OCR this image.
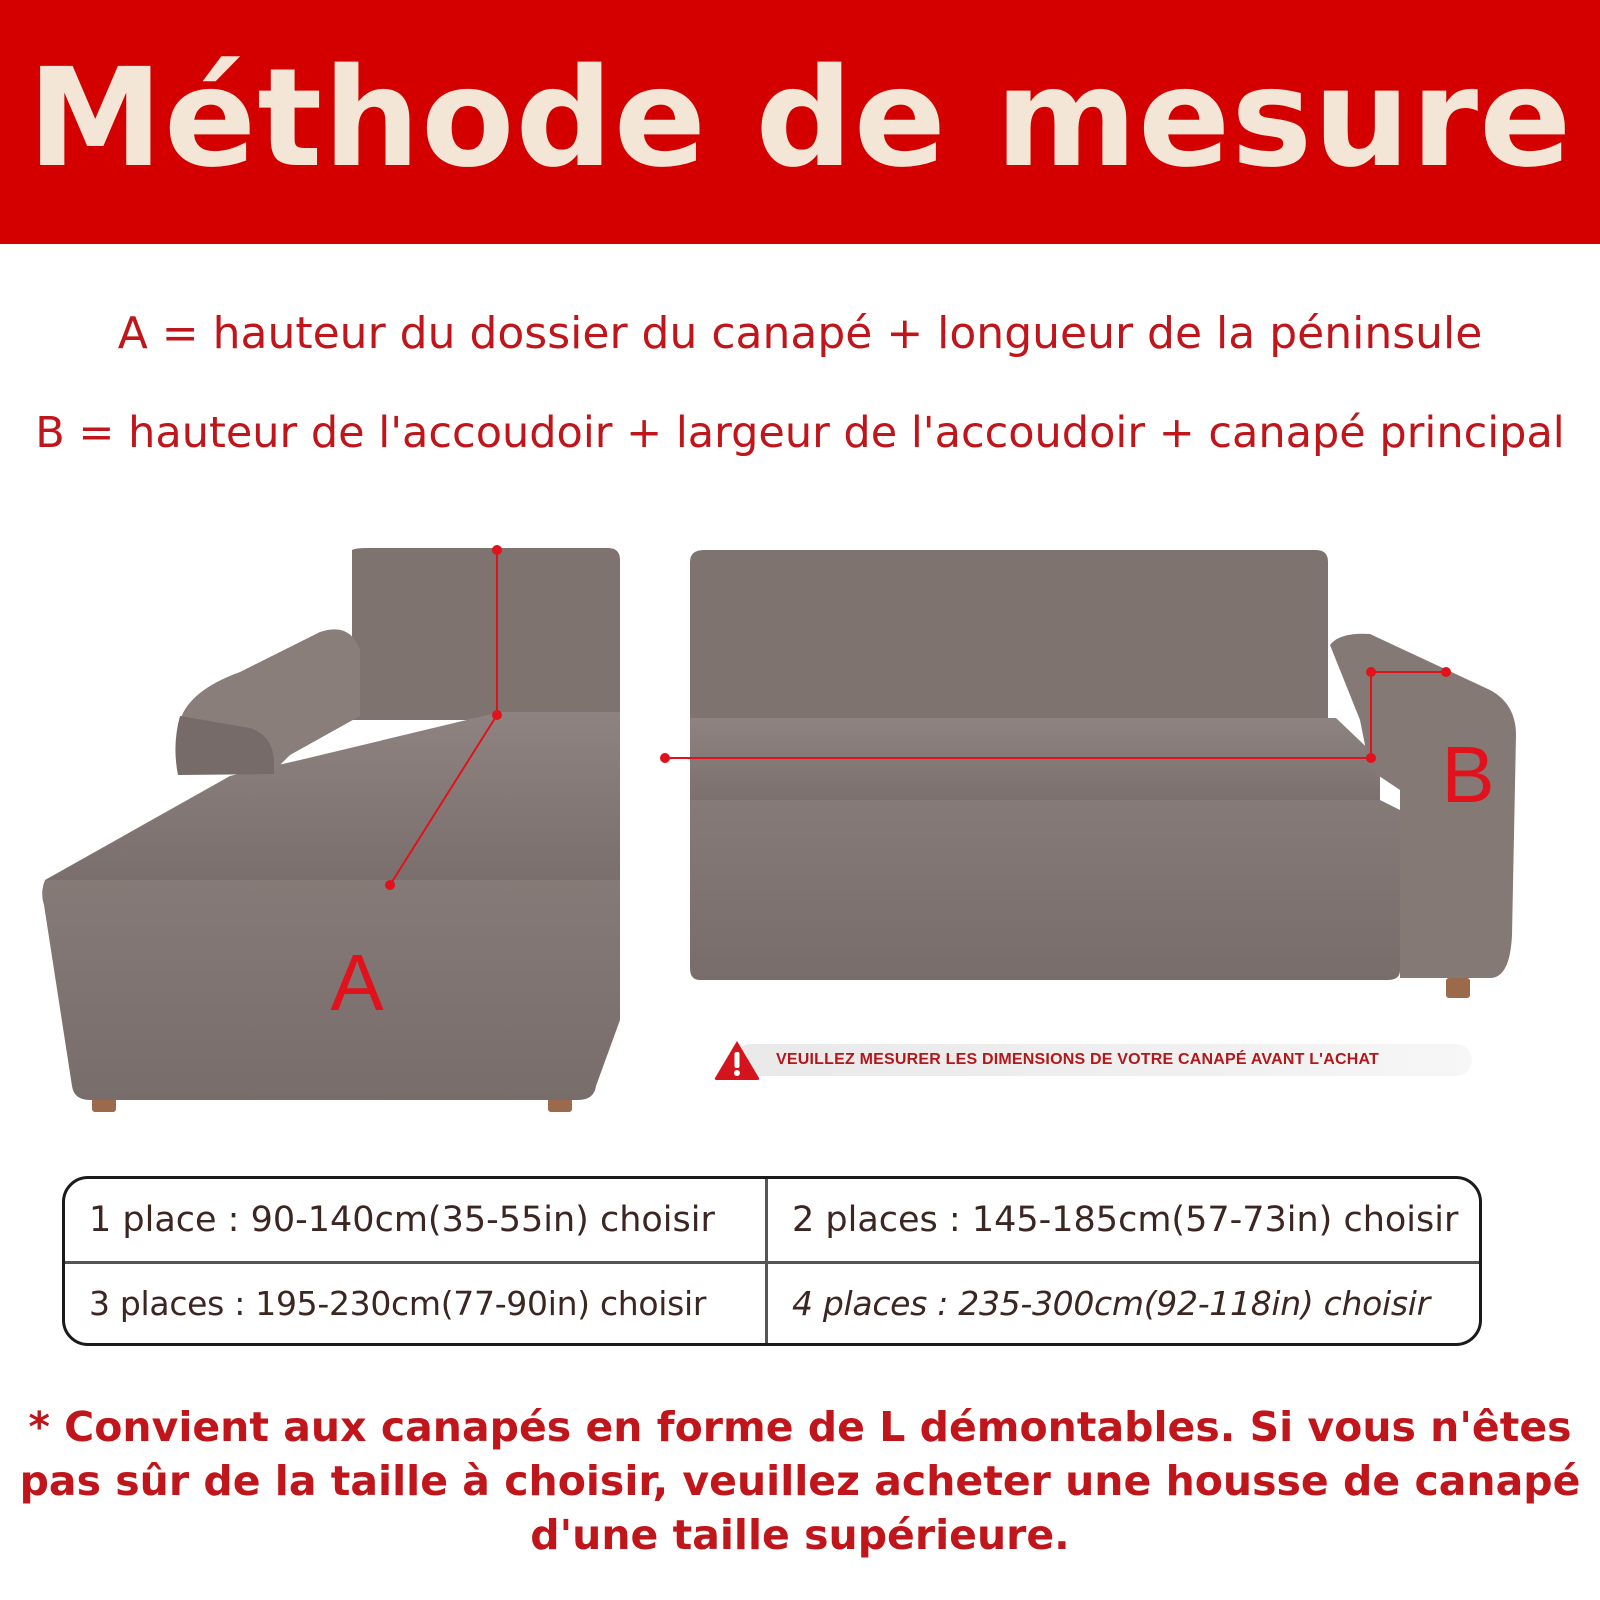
Méthode de mesure
A = hauteur du dossier du canapé + longueur de la péninsule
B = hauteur de l'accoudoir + largeur de l'accoudoir + canapé principal
A
B
VEUILLEZ MESURER LES DIMENSIONS DE VOTRE CANAPÉ AVANT L'ACHAT
1 place : 90-140cm(35-55in) choisir	2 places : 145-185cm(57-73in) choisir
3 places : 195-230cm(77-90in) choisir	4 places : 235-300cm(92-118in) choisir
* Convient aux canapés en forme de L démontables. Si vous n'êtes pas sûr de la taille à choisir, veuillez acheter une housse de canapé d'une taille supérieure.
